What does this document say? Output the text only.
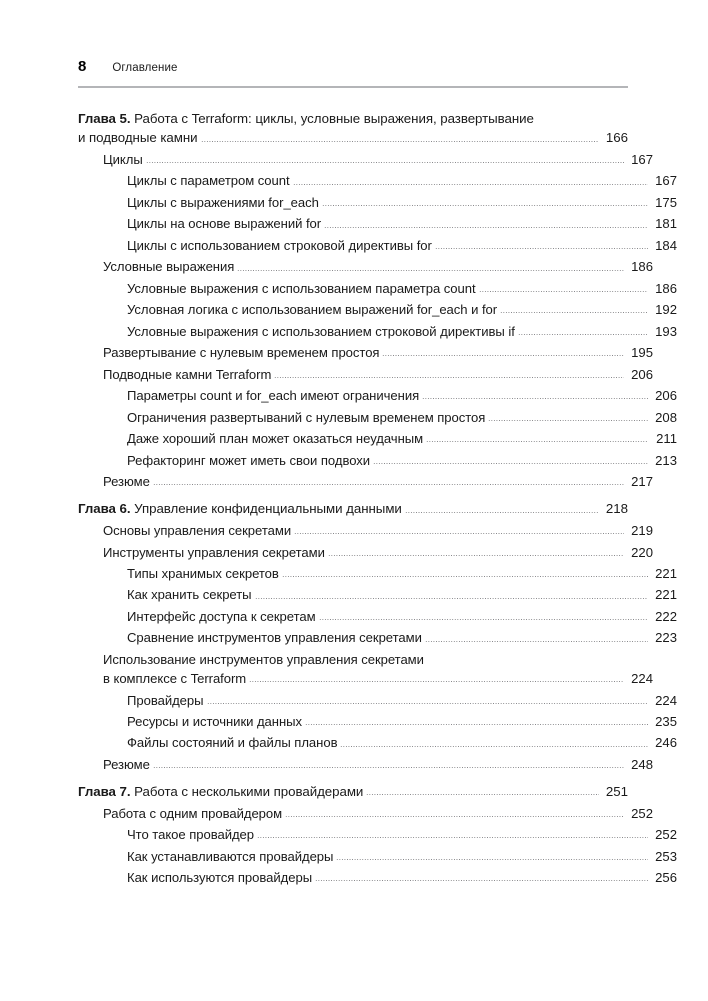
8 Оглавление
Глава 5. Работа с Terraform: циклы, условные выражения, развертывание
и подводные камни	166
Циклы	167
Циклы с параметром count	167
Циклы с выражениями for_each	175
Циклы на основе выражений for	181
Циклы с использованием строковой директивы for	184
Условные выражения	186
Условные выражения с использованием параметра count	186
Условная логика с использованием выражений for_each и for	192
Условные выражения с использованием строковой директивы if	193
Развертывание с нулевым временем простоя	195
Подводные камни Terraform	206
Параметры count и for_each имеют ограничения	206
Ограничения развертываний с нулевым временем простоя	208
Даже хороший план может оказаться неудачным	211
Рефакторинг может иметь свои подвохи	213
Резюме	217
Глава 6. Управление конфиденциальными данными	218
Основы управления секретами	219
Инструменты управления секретами	220
Типы хранимых секретов	221
Как хранить секреты	221
Интерфейс доступа к секретам	222
Сравнение инструментов управления секретами	223
Использование инструментов управления секретами
в комплексе с Terraform	224
Провайдеры	224
Ресурсы и источники данных	235
Файлы состояний и файлы планов	246
Резюме	248
Глава 7. Работа с несколькими провайдерами	251
Работа с одним провайдером	252
Что такое провайдер	252
Как устанавливаются провайдеры	253
Как используются провайдеры	256
